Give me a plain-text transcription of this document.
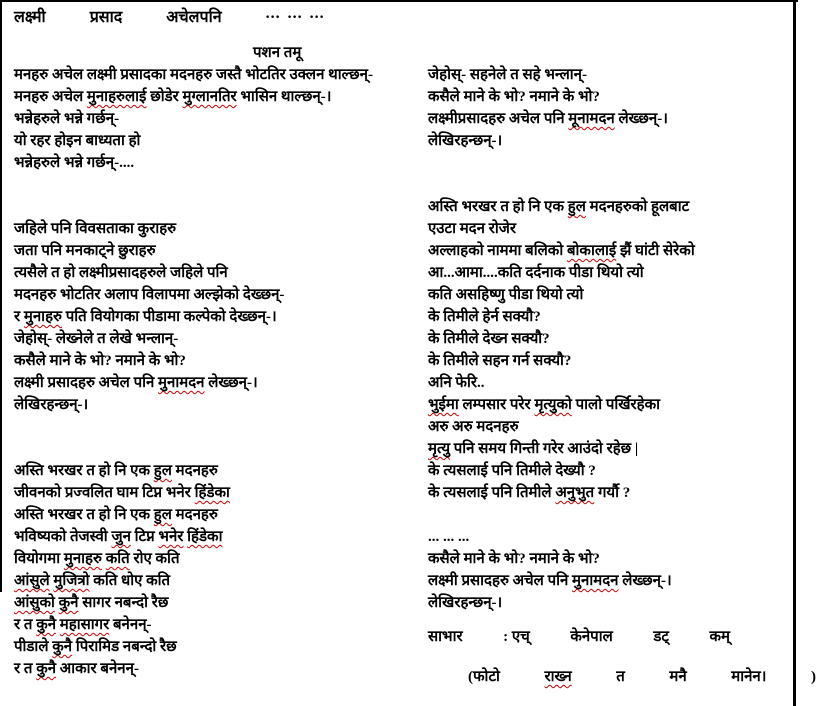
लक्ष्मी	प्रसाद	अचेलपनि	... ... ...
पशन तमू
मनहरु अचेल लक्ष्मी प्रसादका मदनहरु जस्तै भोटतिर उक्लन थाल्छन्-
मनहरु अचेल मुनाहरुलाई छोडेर मुग्लानतिर भासिन थाल्छन्-।
भन्नेहरुले भन्ने गर्छन्-
यो रहर होइन बाध्यता हो
भन्नेहरुले भन्ने गर्छन्-....

जहिले पनि विवसताका कुराहरु
जता पनि मनकाट्ने छुराहरु
त्यसैले त हो लक्ष्मीप्रसादहरुले जहिले पनि
मदनहरु भोटतिर अलाप विलापमा अल्झेको देख्छन्-
र मुनाहरु पति वियोगका पीडामा कल्पेको देख्छन्-।
जेहोस्- लेख्नेले त लेखे भन्लान्-
कसैले माने के भो? नमाने के भो?
लक्ष्मी प्रसादहरु अचेल पनि मुनामदन लेख्छन्-।
लेखिरहन्छन्-।

अस्ति भरखर त हो नि एक हुल मदनहरु
जीवनको प्रज्वलित घाम टिप्न भनेर हिंडेका
अस्ति भरखर त हो नि एक हुल मदनहरु
भविष्यको तेजस्वी जुन टिप्न भनेर हिंडेका
वियोगमा मुनाहरु कति रोए कति
आंसुले मुजित्रो कति धोए कति
आंसुको कुनै सागर नबन्दो रैछ
र त कुनै महासागर बनेनन्-
पीडाले कुनै पिरामिड नबन्दो रैछ
र त कुनै आकार बनेनन्-
जेहोस्- सहनेले त सहे भन्लान्-
कसैले माने के भो? नमाने के भो?
लक्ष्मीप्रसादहरु अचेल पनि मूनामदन लेख्छन्-।
लेखिरहन्छन्-।

अस्ति भरखर त हो नि एक हुल मदनहरुको हूलबाट
एउटा मदन रोजेर
अल्लाहको नाममा बलिको बोकालाई झैं घांटी सेरेको
आ...आमा....कति दर्दनाक पीडा थियो त्यो
कति असहिष्णु पीडा थियो त्यो
के तिमीले हेर्न सक्यौ?
के तिमीले देख्न सक्यौ?
के तिमीले सहन गर्न सक्यौ?
अनि फेरि..
भुईमा लम्पसार परेर मृत्युको पालो पर्खिरहेका
अरु अरु मदनहरु
मृत्यु पनि समय गिन्ती गरेर आउंदो रहेछ |
के त्यसलाई पनि तिमीले देख्यौ ?
के त्यसलाई पनि तिमीले अनुभुत गर्यौ ?

... ... ...
कसैले माने के भो? नमाने के भो?
लक्ष्मी प्रसादहरु अचेल पनि मुनामदन लेख्छन्-।
लेखिरहन्छन्-।
साभार	: एच्	केनेपाल	डट्	कम्
(फोटो	राख्न	त	मनै	मानेन।	)
